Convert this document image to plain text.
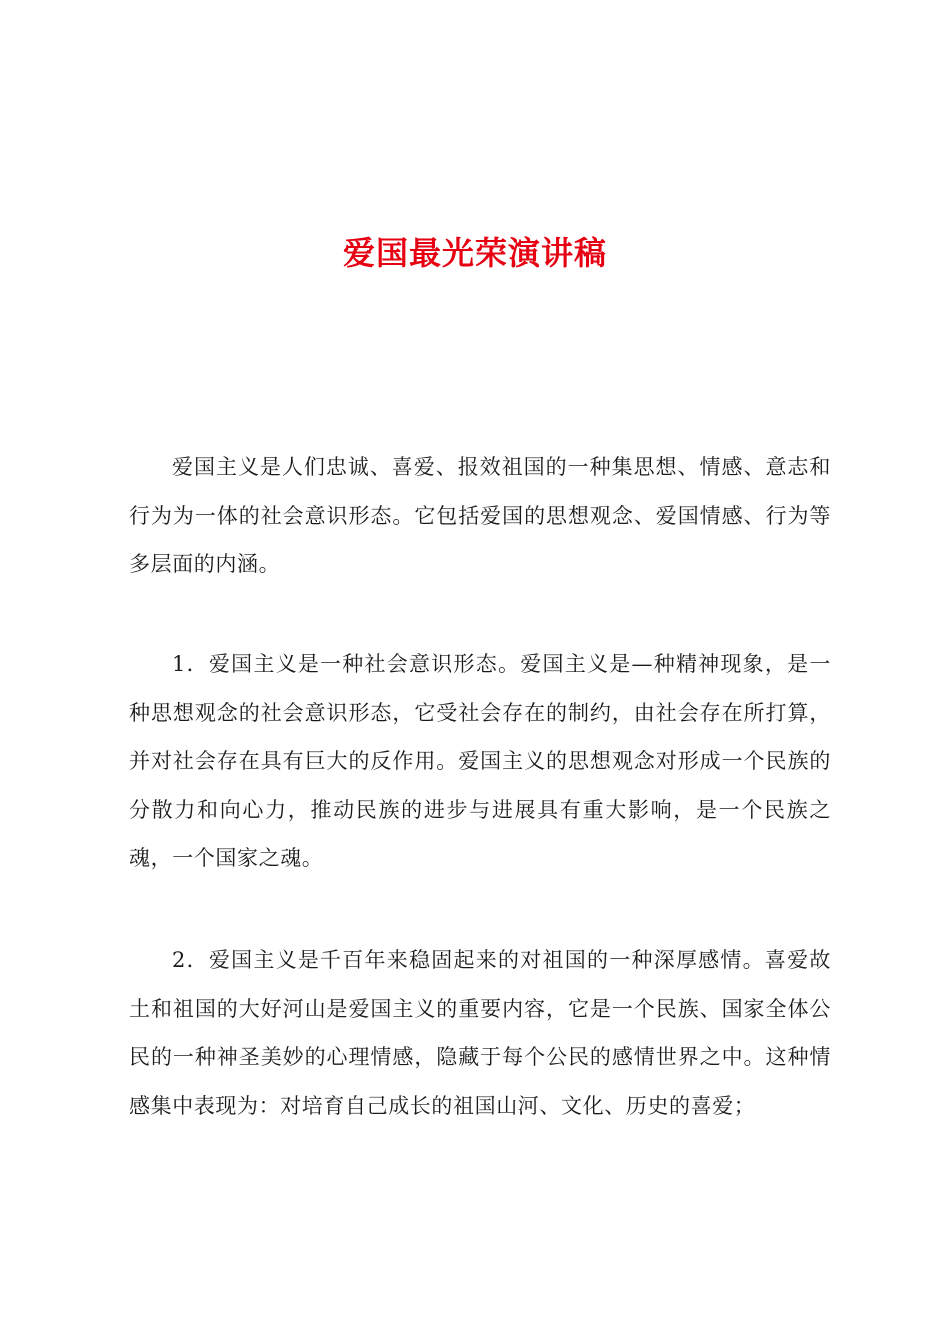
爱国最光荣演讲稿

爱国主义是人们忠诚、喜爱、报效祖国的一种集思想、情感、意志和行为为一体的社会意识形态。它包括爱国的思想观念、爱国情感、行为等多层面的内涵。

1．爱国主义是一种社会意识形态。爱国主义是—种精神现象，是一种思想观念的社会意识形态，它受社会存在的制约，由社会存在所打算，并对社会存在具有巨大的反作用。爱国主义的思想观念对形成一个民族的分散力和向心力，推动民族的进步与进展具有重大影响，是一个民族之魂，一个国家之魂。

2．爱国主义是千百年来稳固起来的对祖国的一种深厚感情。喜爱故土和祖国的大好河山是爱国主义的重要内容，它是一个民族、国家全体公民的一种神圣美妙的心理情感，隐藏于每个公民的感情世界之中。这种情感集中表现为：对培育自己成长的祖国山河、文化、历史的喜爱；
